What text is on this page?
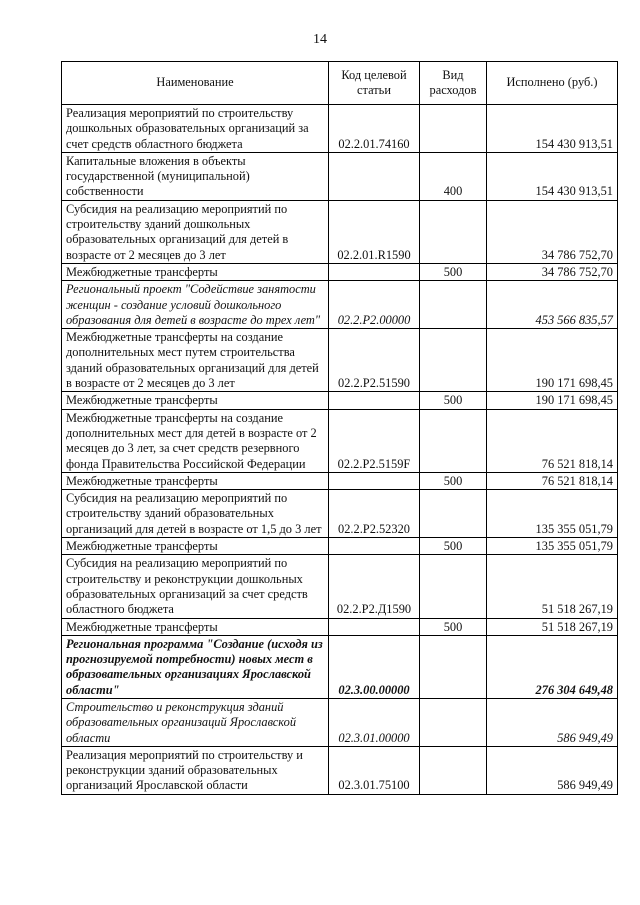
14
Наименование	Код целевой статьи	Вид расходов	Исполнено (руб.)
Реализация мероприятий по строительству дошкольных образовательных организаций за счет средств областного бюджета	02.2.01.74160		154 430 913,51
Капитальные вложения в объекты государственной (муниципальной) собственности		400	154 430 913,51
Субсидия на реализацию мероприятий по строительству зданий дошкольных образовательных организаций для детей в возрасте от 2 месяцев до 3 лет	02.2.01.R1590		34 786 752,70
Межбюджетные трансферты		500	34 786 752,70
Региональный проект "Содействие занятости женщин - создание условий дошкольного образования для детей в возрасте до трех лет"	02.2.P2.00000		453 566 835,57
Межбюджетные трансферты на создание дополнительных мест путем строительства зданий образовательных организаций для детей в возрасте от 2 месяцев до 3 лет	02.2.P2.51590		190 171 698,45
Межбюджетные трансферты		500	190 171 698,45
Межбюджетные трансферты на создание дополнительных мест для детей в возрасте от 2 месяцев до 3 лет, за счет средств резервного фонда Правительства Российской Федерации	02.2.P2.5159F		76 521 818,14
Межбюджетные трансферты		500	76 521 818,14
Субсидия на реализацию мероприятий по строительству зданий образовательных организаций для детей в возрасте от 1,5 до 3 лет	02.2.P2.52320		135 355 051,79
Межбюджетные трансферты		500	135 355 051,79
Субсидия на реализацию мероприятий по строительству и реконструкции дошкольных образовательных организаций за счет средств областного бюджета	02.2.P2.Д1590		51 518 267,19
Межбюджетные трансферты		500	51 518 267,19
Региональная программа "Создание (исходя из прогнозируемой потребности) новых мест в образовательных организациях Ярославской области"	02.3.00.00000		276 304 649,48
Строительство и реконструкция зданий образовательных организаций Ярославской области	02.3.01.00000		586 949,49
Реализация мероприятий по строительству и реконструкции зданий образовательных организаций Ярославской области	02.3.01.75100		586 949,49
